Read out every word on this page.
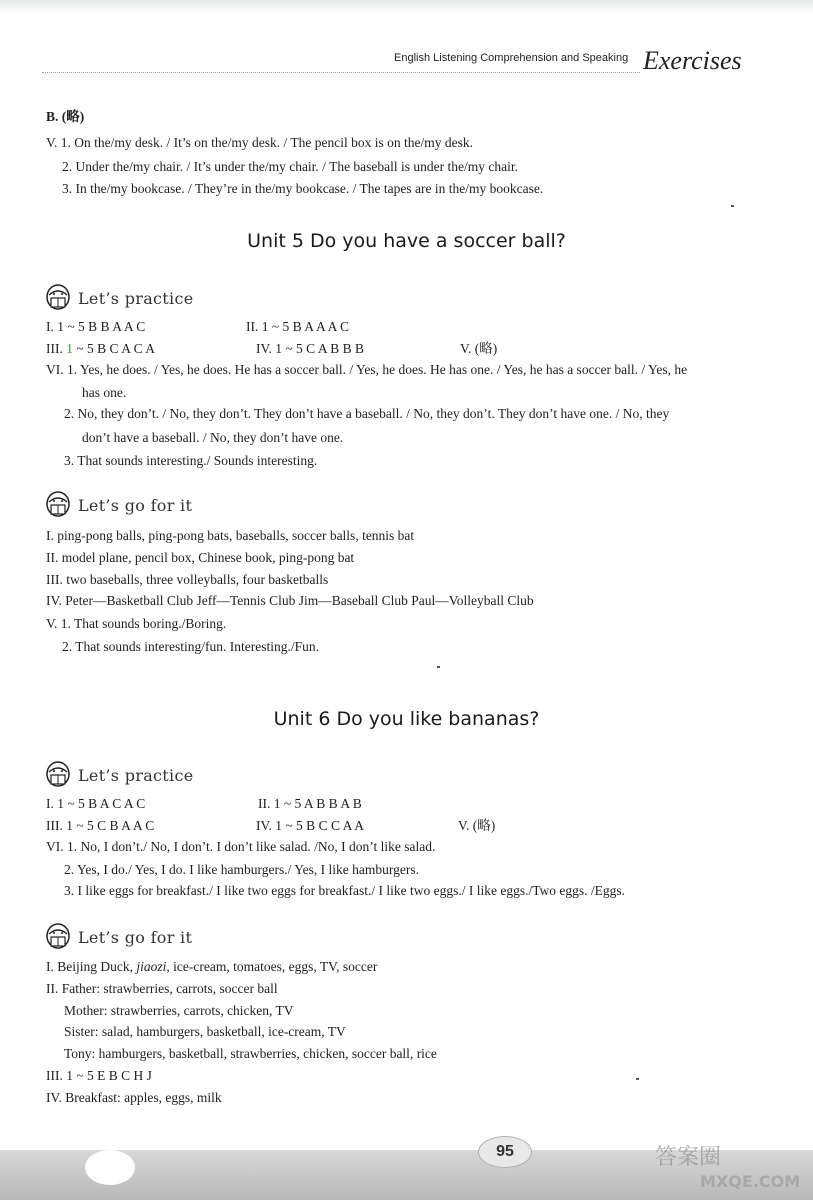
English Listening Comprehension and Speaking Exercises
B. (略)
V. 1. On the/my desk. / It’s on the/my desk. / The pencil box is on the/my desk.
2. Under the/my chair. / It’s under the/my chair. / The baseball is under the/my chair.
3. In the/my bookcase. / They’re in the/my bookcase. / The tapes are in the/my bookcase.
Unit 5 Do you have a soccer ball?
Let’s practice
I. 1 ~ 5 B B A A C	II. 1 ~ 5 B A A A C
III. 1 ~ 5 B C A C A	IV. 1 ~ 5 C A B B B	V. (略)
VI. 1. Yes, he does. / Yes, he does. He has a soccer ball. / Yes, he does. He has one. / Yes, he has a soccer ball. / Yes, he
has one.
2. No, they don’t. / No, they don’t. They don’t have a baseball. / No, they don’t. They don’t have one. / No, they
don’t have a baseball. / No, they don’t have one.
3. That sounds interesting./ Sounds interesting.
Let’s go for it
I. ping-pong balls, ping-pong bats, baseballs, soccer balls, tennis bat
II. model plane, pencil box, Chinese book, ping-pong bat
III. two baseballs, three volleyballs, four basketballs
IV. Peter—Basketball Club Jeff—Tennis Club Jim—Baseball Club Paul—Volleyball Club
V. 1. That sounds boring./Boring.
2. That sounds interesting/fun. Interesting./Fun.
Unit 6 Do you like bananas?
Let’s practice
I. 1 ~ 5 B A C A C	II. 1 ~ 5 A B B A B
III. 1 ~ 5 C B A A C	IV. 1 ~ 5 B C C A A	V. (略)
VI. 1. No, I don’t./ No, I don’t. I don’t like salad. /No, I don’t like salad.
2. Yes, I do./ Yes, I do. I like hamburgers./ Yes, I like hamburgers.
3. I like eggs for breakfast./ I like two eggs for breakfast./ I like two eggs./ I like eggs./Two eggs. /Eggs.
Let’s go for it
I. Beijing Duck, jiaozi, ice-cream, tomatoes, eggs, TV, soccer
II. Father: strawberries, carrots, soccer ball
Mother: strawberries, carrots, chicken, TV
Sister: salad, hamburgers, basketball, ice-cream, TV
Tony: hamburgers, basketball, strawberries, chicken, soccer ball, rice
III. 1 ~ 5 E B C H J
IV. Breakfast: apples, eggs, milk
95	答案圈
MXQE.COM
